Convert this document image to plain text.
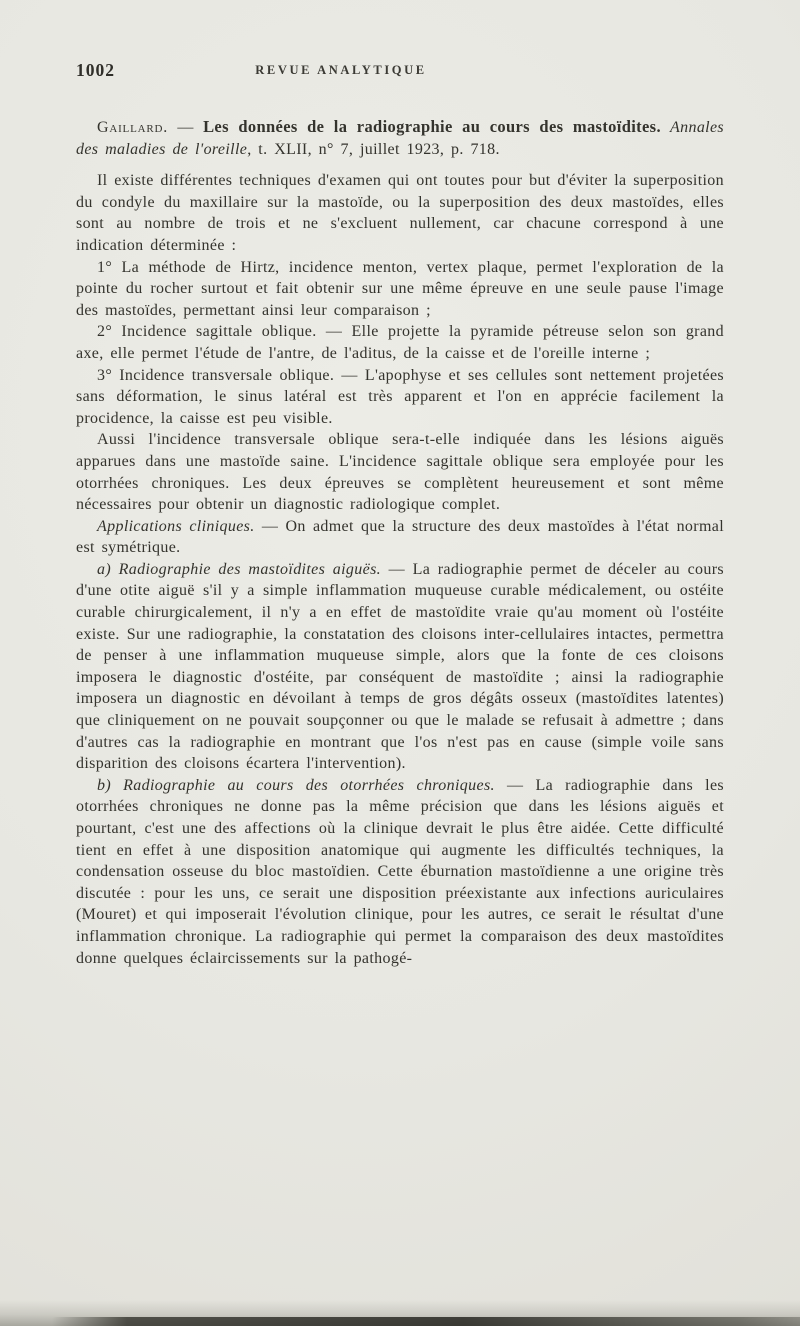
1002	REVUE ANALYTIQUE

Gaillard. — Les données de la radiographie au cours des mastoïdites. Annales des maladies de l'oreille, t. XLII, n° 7, juillet 1923, p. 718.

Il existe différentes techniques d'examen qui ont toutes pour but d'éviter la superposition du condyle du maxillaire sur la mastoïde, ou la superposition des deux mastoïdes, elles sont au nombre de trois et ne s'excluent nullement, car chacune correspond à une indication déterminée :

1° La méthode de Hirtz, incidence menton, vertex plaque, permet l'exploration de la pointe du rocher surtout et fait obtenir sur une même épreuve en une seule pause l'image des mastoïdes, permettant ainsi leur comparaison ;

2° Incidence sagittale oblique. — Elle projette la pyramide pétreuse selon son grand axe, elle permet l'étude de l'antre, de l'aditus, de la caisse et de l'oreille interne ;

3° Incidence transversale oblique. — L'apophyse et ses cellules sont nettement projetées sans déformation, le sinus latéral est très apparent et l'on en apprécie facilement la procidence, la caisse est peu visible.

Aussi l'incidence transversale oblique sera-t-elle indiquée dans les lésions aiguës apparues dans une mastoïde saine. L'incidence sagittale oblique sera employée pour les otorrhées chroniques. Les deux épreuves se complètent heureusement et sont même nécessaires pour obtenir un diagnostic radiologique complet.

Applications cliniques. — On admet que la structure des deux mastoïdes à l'état normal est symétrique.

a) Radiographie des mastoïdites aiguës. — La radiographie permet de déceler au cours d'une otite aiguë s'il y a simple inflammation muqueuse curable médicalement, ou ostéite curable chirurgicalement, il n'y a en effet de mastoïdite vraie qu'au moment où l'ostéite existe. Sur une radiographie, la constatation des cloisons inter-cellulaires intactes, permettra de penser à une inflammation muqueuse simple, alors que la fonte de ces cloisons imposera le diagnostic d'ostéite, par conséquent de mastoïdite ; ainsi la radiographie imposera un diagnostic en dévoilant à temps de gros dégâts osseux (mastoïdites latentes) que cliniquement on ne pouvait soupçonner ou que le malade se refusait à admettre ; dans d'autres cas la radiographie en montrant que l'os n'est pas en cause (simple voile sans disparition des cloisons écartera l'intervention).

b) Radiographie au cours des otorrhées chroniques. — La radiographie dans les otorrhées chroniques ne donne pas la même précision que dans les lésions aiguës et pourtant, c'est une des affections où la clinique devrait le plus être aidée. Cette difficulté tient en effet à une disposition anatomique qui augmente les difficultés techniques, la condensation osseuse du bloc mastoïdien. Cette éburnation mastoïdienne a une origine très discutée : pour les uns, ce serait une disposition préexistante aux infections auriculaires (Mouret) et qui imposerait l'évolution clinique, pour les autres, ce serait le résultat d'une inflammation chronique. La radiographie qui permet la comparaison des deux mastoïdites donne quelques éclaircissements sur la pathogé-
